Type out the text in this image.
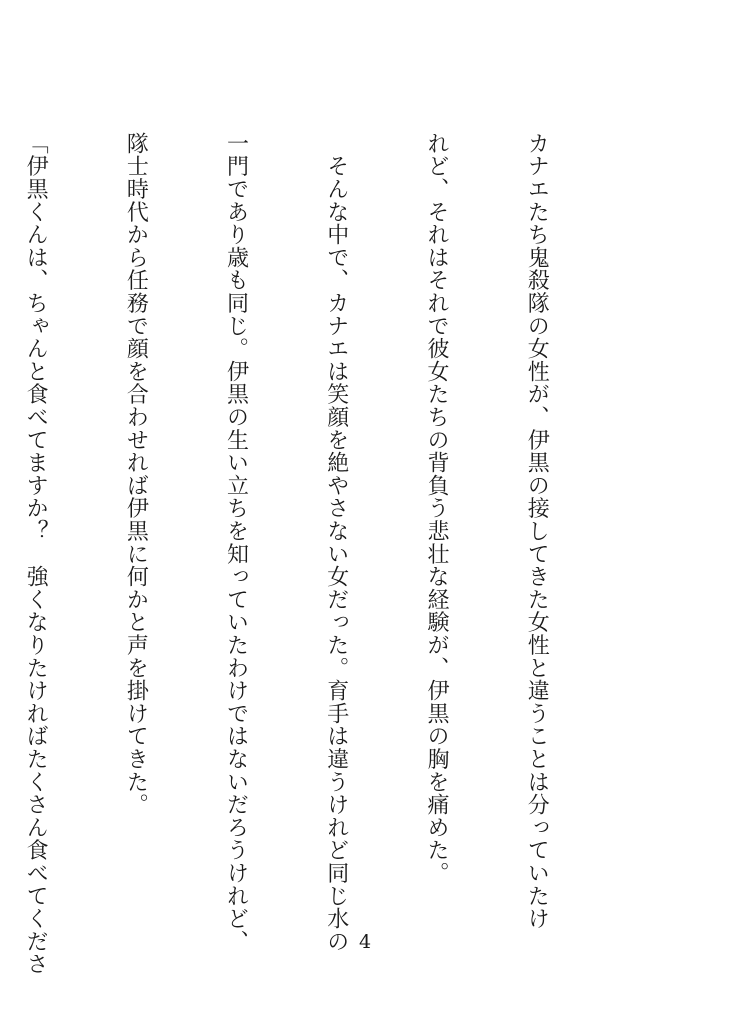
カナエたち鬼殺隊の女性が、伊黒の接してきた女性と違うことは分っていたけ

れど、それはそれで彼女たちの背負う悲壮な経験が、伊黒の胸を痛めた。

　そんな中で、カナエは笑顔を絶やさない女だった。育手は違うけれど同じ水の

一門であり歳も同じ。伊黒の生い立ちを知っていたわけではないだろうけれど、

隊士時代から任務で顔を合わせれば伊黒に何かと声を掛けてきた。

「伊黒くんは、ちゃんと食べてますか？　強くなりたければたくさん食べてくださ

	4
